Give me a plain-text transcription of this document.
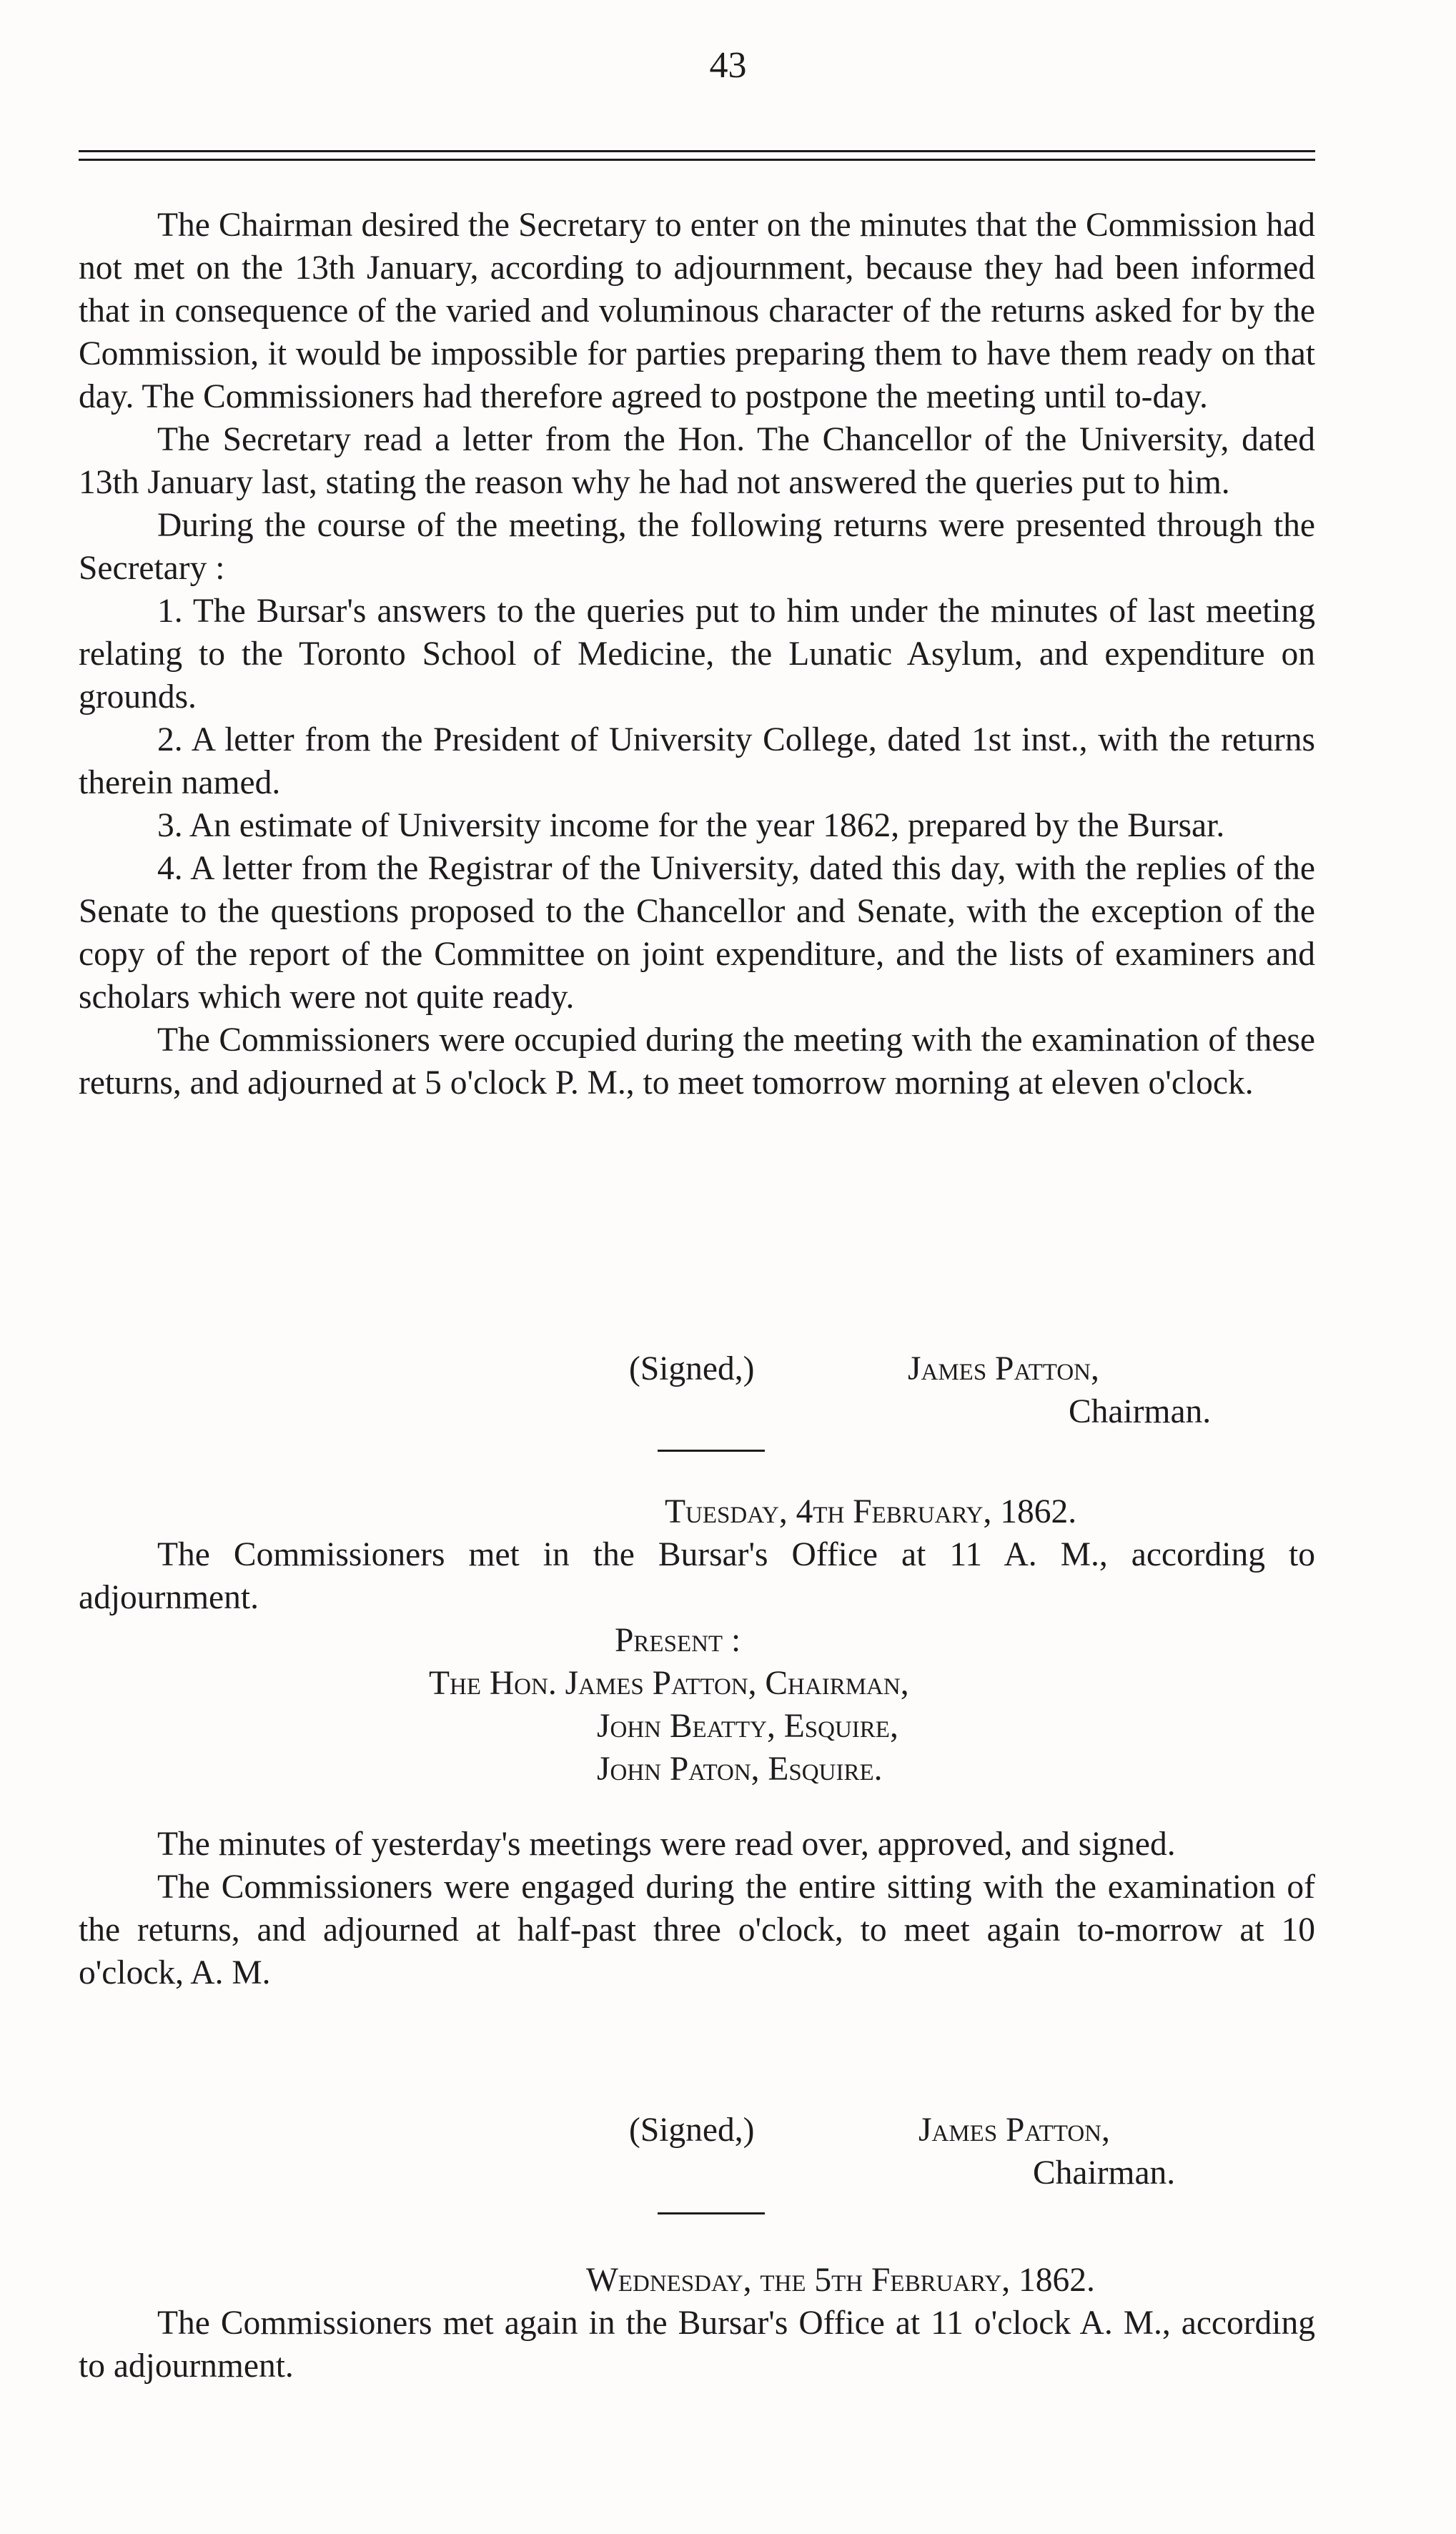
43

The Chairman desired the Secretary to enter on the minutes that the Commission had not met on the 13th January, according to adjournment, because they had been informed that in consequence of the varied and voluminous character of the returns asked for by the Commission, it would be impossible for parties preparing them to have them ready on that day. The Commissioners had therefore agreed to postpone the meeting until to-day.

The Secretary read a letter from the Hon. The Chancellor of the University, dated 13th January last, stating the reason why he had not answered the queries put to him.

During the course of the meeting, the following returns were presented through the Secretary :

1. The Bursar's answers to the queries put to him under the minutes of last meeting relating to the Toronto School of Medicine, the Lunatic Asylum, and expenditure on grounds.

2. A letter from the President of University College, dated 1st inst., with the returns therein named.

3. An estimate of University income for the year 1862, prepared by the Bursar.

4. A letter from the Registrar of the University, dated this day, with the replies of the Senate to the questions proposed to the Chancellor and Senate, with the exception of the copy of the report of the Committee on joint expenditure, and the lists of examiners and scholars which were not quite ready.

The Commissioners were occupied during the meeting with the examination of these returns, and adjourned at 5 o'clock P. M., to meet tomorrow morning at eleven o'clock.

(Signed,)	James Patton,
Chairman.
Tuesday, 4th February, 1862.

The Commissioners met in the Bursar's Office at 11 A. M., according to adjournment.

Present :
The Hon. James Patton, Chairman,
John Beatty, Esquire,
John Paton, Esquire.

The minutes of yesterday's meetings were read over, approved, and signed.

The Commissioners were engaged during the entire sitting with the examination of the returns, and adjourned at half-past three o'clock, to meet again to-morrow at 10 o'clock, A. M.

(Signed,)	James Patton,
Chairman.
Wednesday, the 5th February, 1862.

The Commissioners met again in the Bursar's Office at 11 o'clock A. M., according to adjournment.
